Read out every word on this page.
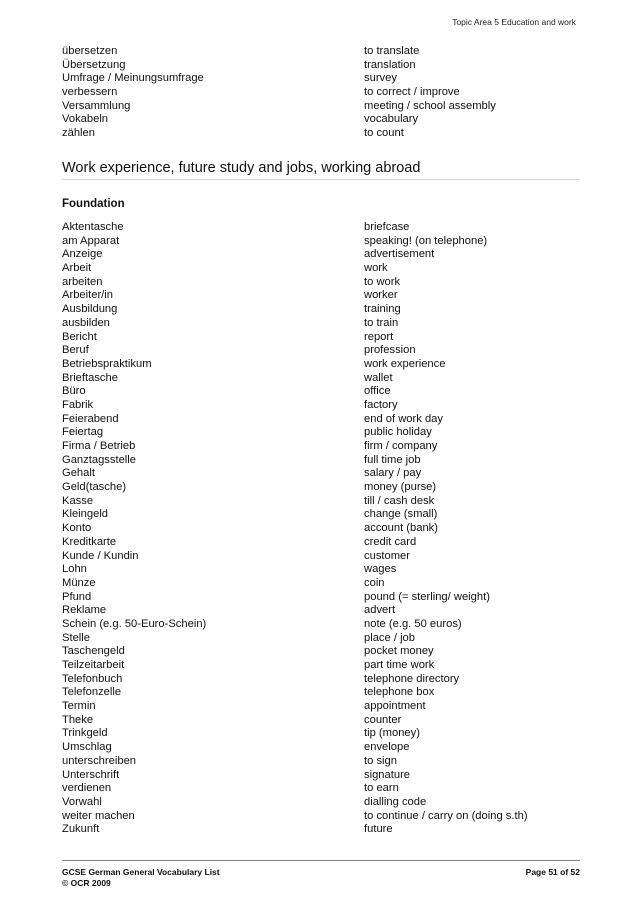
Topic Area 5 Education and work
übersetzen	to translate
Übersetzung	translation
Umfrage / Meinungsumfrage	survey
verbessern	to correct / improve
Versammlung	meeting / school assembly
Vokabeln	vocabulary
zählen	to count
Work experience, future study and jobs, working abroad
Foundation
Aktentasche	briefcase
am Apparat	speaking! (on telephone)
Anzeige	advertisement
Arbeit	work
arbeiten	to work
Arbeiter/in	worker
Ausbildung	training
ausbilden	to train
Bericht	report
Beruf	profession
Betriebspraktikum	work experience
Brieftasche	wallet
Büro	office
Fabrik	factory
Feierabend	end of work day
Feiertag	public holiday
Firma / Betrieb	firm / company
Ganztagsstelle	full time job
Gehalt	salary / pay
Geld(tasche)	money (purse)
Kasse	till / cash desk
Kleingeld	change (small)
Konto	account (bank)
Kreditkarte	credit card
Kunde / Kundin	customer
Lohn	wages
Münze	coin
Pfund	pound (= sterling/ weight)
Reklame	advert
Schein (e.g. 50-Euro-Schein)	note (e.g. 50 euros)
Stelle	place / job
Taschengeld	pocket money
Teilzeitarbeit	part time work
Telefonbuch	telephone directory
Telefonzelle	telephone box
Termin	appointment
Theke	counter
Trinkgeld	tip (money)
Umschlag	envelope
unterschreiben	to sign
Unterschrift	signature
verdienen	to earn
Vorwahl	dialling code
weiter machen	to continue / carry on (doing s.th)
Zukunft	future
GCSE German General Vocabulary List
© OCR 2009
Page 51 of 52
